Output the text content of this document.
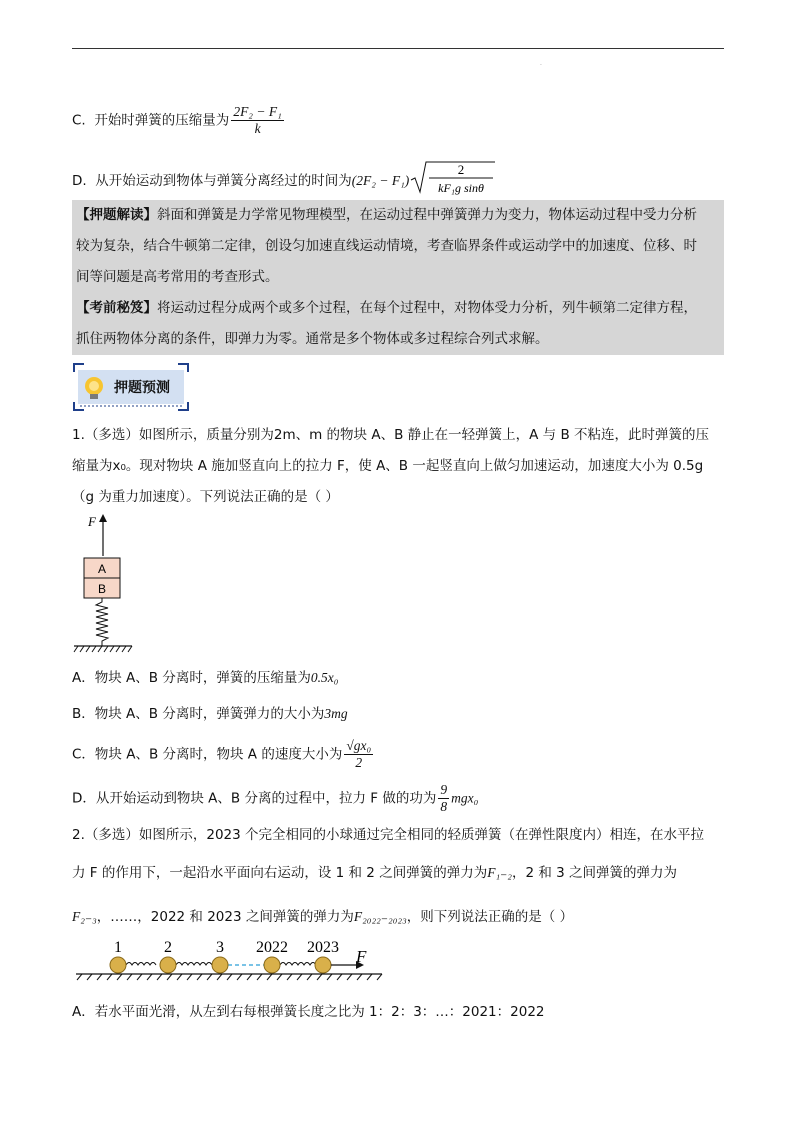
.
C. 开始时弹簧的压缩量为 $\frac{\text{2F₂ − F₁}}{k}$
D. 从开始运动到物体与弹簧分离经过的时间为(2F₂ − F₁)
2
kF₁g sinθ

【押题解读】斜面和弹簧是力学常见物理模型，在运动过程中弹簧弹力为变力，物体运动过程中受力分析

较为复杂，结合牛顿第二定律，创设匀加速直线运动情境，考查临界条件或运动学中的加速度、位移、时

间等问题是高考常用的考查形式。

【考前秘笈】将运动过程分成两个或多个过程，在每个过程中，对物体受力分析，列牛顿第二定律方程，

抓住两物体分离的条件，即弹力为零。通常是多个物体或多过程综合列式求解。

押题预测
1.（多选）如图所示，质量分别为2m、m 的物块 A、B 静止在一轻弹簧上，A 与 B 不粘连，此时弹簧的压
缩量为x₀。现对物块 A 施加竖直向上的拉力 F，使 A、B 一起竖直向上做匀加速运动，加速度大小为 0.5g
（g 为重力加速度）。下列说法正确的是（ ）
F
A
B
A．物块 A、B 分离时，弹簧的压缩量为0.5x₀
B．物块 A、B 分离时，弹簧弹力的大小为3mg
C．物块 A、B 分离时，物块 A 的速度大小为 $\frac{\text{√gx₀}}{2}$
D．从开始运动到物块 A、B 分离的过程中，拉力 F 做的功为 $\frac{9}{8} mgx_0$
2.（多选）如图所示，2023 个完全相同的小球通过完全相同的轻质弹簧（在弹性限度内）相连，在水平拉
力 F 的作用下，一起沿水平面向右运动，设 1 和 2 之间弹簧的弹力为F₁₋₂，2 和 3 之间弹簧的弹力为
F₂₋₃，……，2022 和 2023 之间弹簧的弹力为F₂₀₂₂₋₂₀₂₃，则下列说法正确的是（ ）
1	2	3 2022 2023 F
A．若水平面光滑，从左到右每根弹簧长度之比为 1：2：3：…：2021：2022
